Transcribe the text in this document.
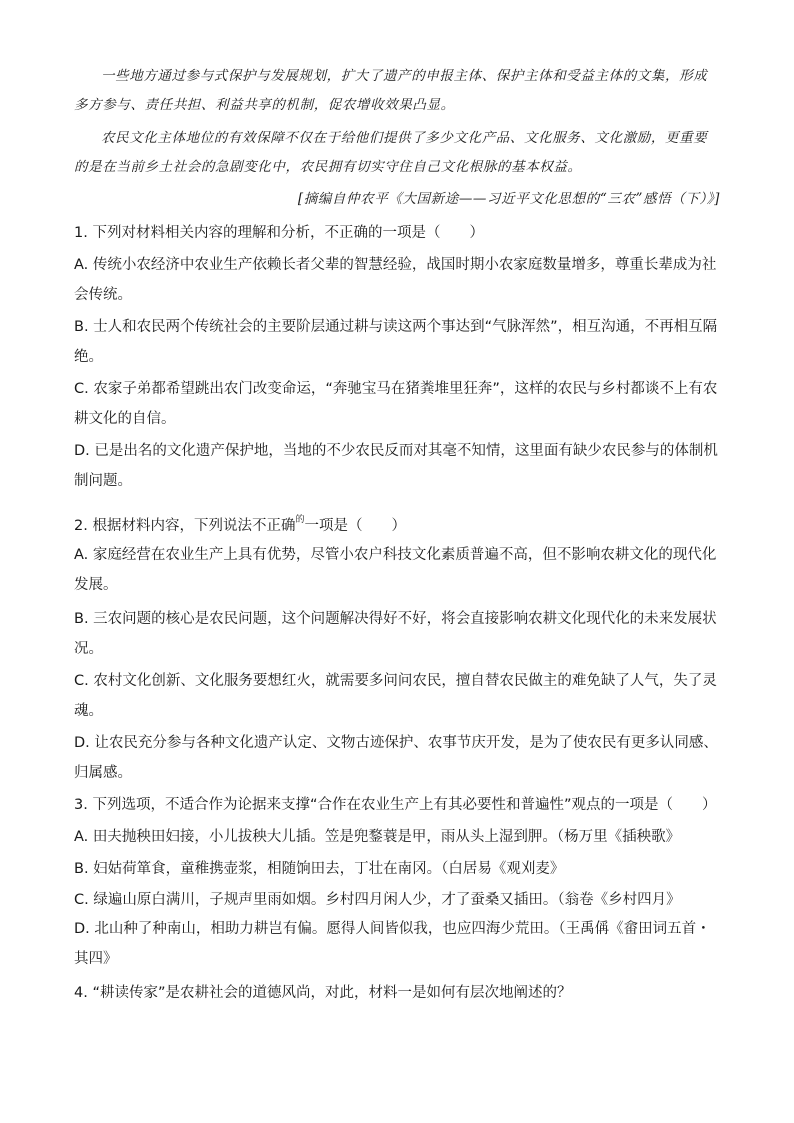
一些地方通过参与式保护与发展规划，扩大了遗产的申报主体、保护主体和受益主体的文集，形成多方参与、责任共担、利益共享的机制，促农增收效果凸显。

农民文化主体地位的有效保障不仅在于给他们提供了多少文化产品、文化服务、文化激励，更重要的是在当前乡土社会的急剧变化中，农民拥有切实守住自己文化根脉的基本权益。

[摘编自仲农平《大国新途——习近平文化思想的“三农”感悟（下）》]

1. 下列对材料相关内容的理解和分析，不正确的一项是（　　）

A. 传统小农经济中农业生产依赖长者父辈的智慧经验，战国时期小农家庭数量增多，尊重长辈成为社会传统。

B. 士人和农民两个传统社会的主要阶层通过耕与读这两个事达到“气脉浑然”，相互沟通，不再相互隔绝。

C. 农家子弟都希望跳出农门改变命运，“奔驰宝马在猪粪堆里狂奔”，这样的农民与乡村都谈不上有农耕文化的自信。

D. 已是出名的文化遗产保护地，当地的不少农民反而对其毫不知情，这里面有缺少农民参与的体制机制问题。

2. 根据材料内容，下列说法不正确$^的$一项是（　　）

A. 家庭经营在农业生产上具有优势，尽管小农户科技文化素质普遍不高，但不影响农耕文化的现代化发展。

B. 三农问题的核心是农民问题，这个问题解决得好不好，将会直接影响农耕文化现代化的未来发展状况。

C. 农村文化创新、文化服务要想红火，就需要多问问农民，擅自替农民做主的难免缺了人气，失了灵魂。

D. 让农民充分参与各种文化遗产认定、文物古迹保护、农事节庆开发，是为了使农民有更多认同感、归属感。

3. 下列选项，不适合作为论据来支撑“合作在农业生产上有其必要性和普遍性”观点的一项是（　　）

A. 田夫抛秧田妇接，小儿拔秧大儿插。笠是兜鍪蓑是甲，雨从头上湿到胛。（杨万里《插秧歌》

B. 妇姑荷箪食，童稚携壶浆，相随饷田去，丁壮在南冈。（白居易《观刈麦》

C. 绿遍山原白满川，子规声里雨如烟。乡村四月闲人少，才了蚕桑又插田。（翁卷《乡村四月》

D. 北山种了种南山，相助力耕岂有偏。愿得人间皆似我，也应四海少荒田。（王禹偁《畲田词五首・其四》

4. “耕读传家”是农耕社会的道德风尚，对此，材料一是如何有层次地阐述的？
